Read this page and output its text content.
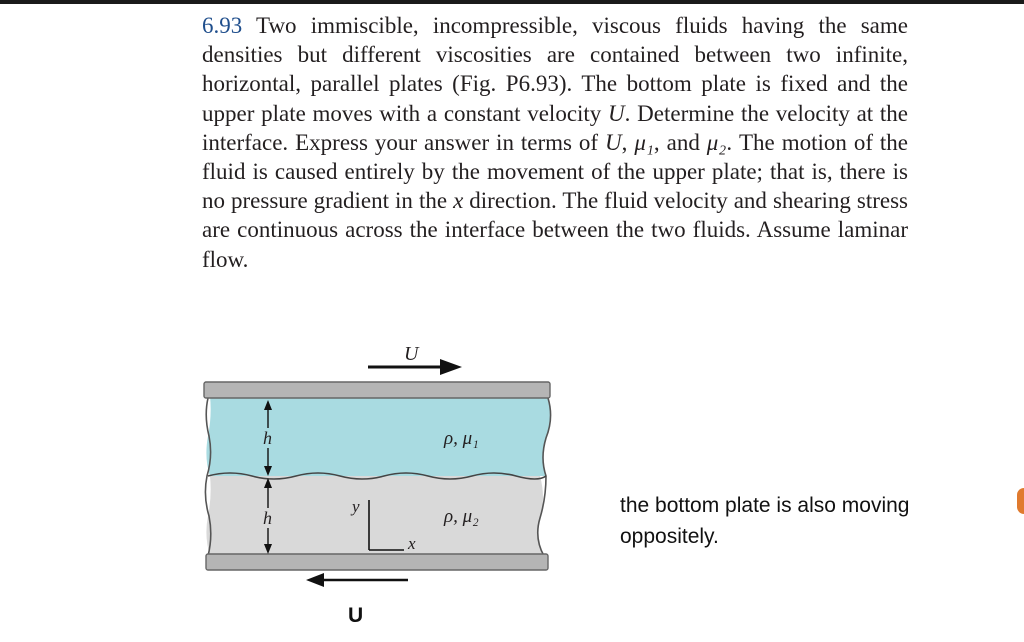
6.93 Two immiscible, incompressible, viscous fluids having the same densities but different viscosities are contained between two infinite, horizontal, parallel plates (Fig. P6.93). The bottom plate is fixed and the upper plate moves with a constant velocity U. Determine the velocity at the interface. Express your answer in terms of U, μ₁, and μ₂. The motion of the fluid is caused entirely by the movement of the upper plate; that is, there is no pressure gradient in the x direction. The fluid velocity and shearing stress are continuous across the interface between the two fluids. Assume laminar flow.
U
h
h
ρ, μ₁
ρ, μ₂
y
x
U
the bottom plate is also moving oppositely.
